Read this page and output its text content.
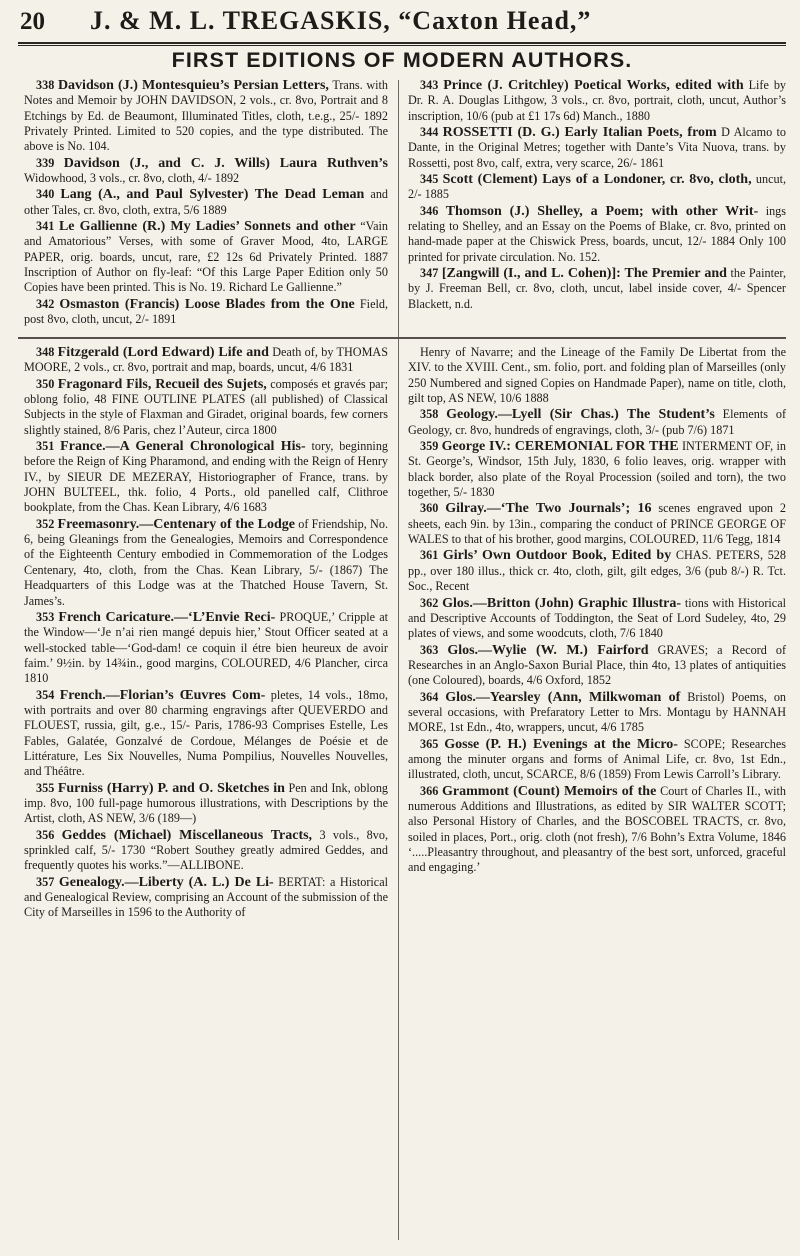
20	J. & M. L. TREGASKIS, “Caxton Head,”
FIRST EDITIONS OF MODERN AUTHORS.

338 Davidson (J.) Montesquieu’s Persian Letters, Trans. with Notes and Memoir by JOHN DAVIDSON, 2 vols., cr. 8vo, Portrait and 8 Etchings by Ed. de Beaumont, Illuminated Titles, cloth, t.e.g., 25/- 1892 Privately Printed. Limited to 520 copies, and the type distributed. The above is No. 104.

339 Davidson (J., and C. J. Wills) Laura Ruthven’s Widowhood, 3 vols., cr. 8vo, cloth, 4/- 1892

340 Lang (A., and Paul Sylvester) The Dead Leman and other Tales, cr. 8vo, cloth, extra, 5/6 1889

341 Le Gallienne (R.) My Ladies’ Sonnets and other “Vain and Amatorious” Verses, with some of Graver Mood, 4to, LARGE PAPER, orig. boards, uncut, rare, £2 12s 6d Privately Printed. 1887 Inscription of Author on fly-leaf: “Of this Large Paper Edition only 50 Copies have been printed. This is No. 19. Richard Le Gallienne.”

342 Osmaston (Francis) Loose Blades from the One Field, post 8vo, cloth, uncut, 2/- 1891

343 Prince (J. Critchley) Poetical Works, edited with Life by Dr. R. A. Douglas Lithgow, 3 vols., cr. 8vo, portrait, cloth, uncut, Author’s inscription, 10/6 (pub at £1 17s 6d) Manch., 1880

344 ROSSETTI (D. G.) Early Italian Poets, from D Alcamo to Dante, in the Original Metres; together with Dante’s Vita Nuova, trans. by Rossetti, post 8vo, calf, extra, very scarce, 26/- 1861

345 Scott (Clement) Lays of a Londoner, cr. 8vo, cloth, uncut, 2/- 1885

346 Thomson (J.) Shelley, a Poem; with other Writ- ings relating to Shelley, and an Essay on the Poems of Blake, cr. 8vo, printed on hand-made paper at the Chiswick Press, boards, uncut, 12/- 1884 Only 100 printed for private circulation. No. 152.

347 [Zangwill (I., and L. Cohen)]: The Premier and the Painter, by J. Freeman Bell, cr. 8vo, cloth, uncut, label inside cover, 4/- Spencer Blackett, n.d.

348 Fitzgerald (Lord Edward) Life and Death of, by THOMAS MOORE, 2 vols., cr. 8vo, portrait and map, boards, uncut, 4/6 1831

350 Fragonard Fils, Recueil des Sujets, composés et gravés par; oblong folio, 48 FINE OUTLINE PLATES (all published) of Classical Subjects in the style of Flaxman and Giradet, original boards, few corners slightly stained, 8/6 Paris, chez l’Auteur, circa 1800

351 France.—A General Chronological His- tory, beginning before the Reign of King Pharamond, and ending with the Reign of Henry IV., by SIEUR DE MEZERAY, Historiographer of France, trans. by JOHN BULTEEL, thk. folio, 4 Ports., old panelled calf, Clithroe bookplate, from the Chas. Kean Library, 4/6 1683

352 Freemasonry.—Centenary of the Lodge of Friendship, No. 6, being Gleanings from the Genealogies, Memoirs and Correspondence of the Eighteenth Century embodied in Commemoration of the Lodges Centenary, 4to, cloth, from the Chas. Kean Library, 5/- (1867) The Headquarters of this Lodge was at the Thatched House Tavern, St. James’s.

353 French Caricature.—‘L’Envie Reci- PROQUE,’ Cripple at the Window—‘Je n’ai rien mangé depuis hier,’ Stout Officer seated at a well-stocked table—‘God-dam! ce coquin il étre bien heureux de avoir faim.’ 9½in. by 14¾in., good margins, COLOURED, 4/6 Plancher, circa 1810

354 French.—Florian’s Œuvres Com- pletes, 14 vols., 18mo, with portraits and over 80 charming engravings after QUEVERDO and FLOUEST, russia, gilt, g.e., 15/- Paris, 1786-93 Comprises Estelle, Les Fables, Galatée, Gonzalvé de Cordoue, Mélanges de Poésie et de Littérature, Les Six Nouvelles, Numa Pompilius, Nouvelles Nouvelles, and Théâtre.

355 Furniss (Harry) P. and O. Sketches in Pen and Ink, oblong imp. 8vo, 100 full-page humorous illustrations, with Descriptions by the Artist, cloth, AS NEW, 3/6 (189—)

356 Geddes (Michael) Miscellaneous Tracts, 3 vols., 8vo, sprinkled calf, 5/- 1730 “Robert Southey greatly admired Geddes, and frequently quotes his works.”—ALLIBONE.

357 Genealogy.—Liberty (A. L.) De Li- BERTAT: a Historical and Genealogical Review, comprising an Account of the submission of the City of Marseilles in 1596 to the Authority of

Henry of Navarre; and the Lineage of the Family De Libertat from the XIV. to the XVIII. Cent., sm. folio, port. and folding plan of Marseilles (only 250 Numbered and signed Copies on Handmade Paper), name on title, cloth, gilt top, AS NEW, 10/6 1888

358 Geology.—Lyell (Sir Chas.) The Student’s Elements of Geology, cr. 8vo, hundreds of engravings, cloth, 3/- (pub 7/6) 1871

359 George IV.: CEREMONIAL FOR THE INTERMENT OF, in St. George’s, Windsor, 15th July, 1830, 6 folio leaves, orig. wrapper with black border, also plate of the Royal Procession (soiled and torn), the two together, 5/- 1830

360 Gilray.—‘The Two Journals’; 16 scenes engraved upon 2 sheets, each 9in. by 13in., comparing the conduct of PRINCE GEORGE OF WALES to that of his brother, good margins, COLOURED, 11/6 Tegg, 1814

361 Girls’ Own Outdoor Book, Edited by CHAS. PETERS, 528 pp., over 180 illus., thick cr. 4to, cloth, gilt, gilt edges, 3/6 (pub 8/-) R. Tct. Soc., Recent

362 Glos.—Britton (John) Graphic Illustra- tions with Historical and Descriptive Accounts of Toddington, the Seat of Lord Sudeley, 4to, 29 plates of views, and some woodcuts, cloth, 7/6 1840

363 Glos.—Wylie (W. M.) Fairford GRAVES; a Record of Researches in an Anglo-Saxon Burial Place, thin 4to, 13 plates of antiquities (one Coloured), boards, 4/6 Oxford, 1852

364 Glos.—Yearsley (Ann, Milkwoman of Bristol) Poems, on several occasions, with Prefaratory Letter to Mrs. Montagu by HANNAH MORE, 1st Edn., 4to, wrappers, uncut, 4/6 1785

365 Gosse (P. H.) Evenings at the Micro- SCOPE; Researches among the minuter organs and forms of Animal Life, cr. 8vo, 1st Edn., illustrated, cloth, uncut, SCARCE, 8/6 (1859) From Lewis Carroll’s Library.

366 Grammont (Count) Memoirs of the Court of Charles II., with numerous Additions and Illustrations, as edited by SIR WALTER SCOTT; also Personal History of Charles, and the BOSCOBEL TRACTS, cr. 8vo, soiled in places, Port., orig. cloth (not fresh), 7/6 Bohn’s Extra Volume, 1846 ‘.....Pleasantry throughout, and pleasantry of the best sort, unforced, graceful and engaging.’
